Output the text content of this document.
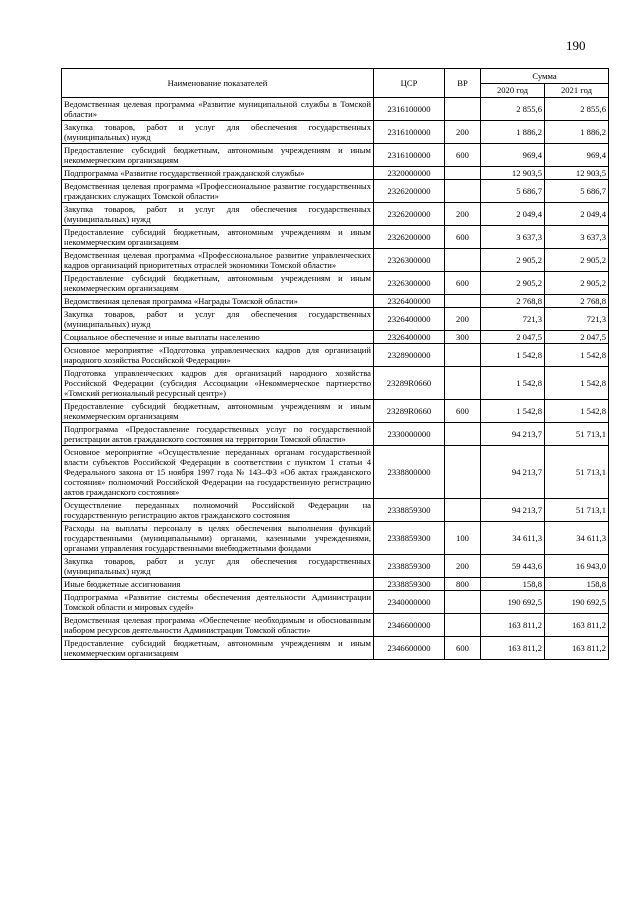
190
Наименование показателей	ЦСР	ВР	Сумма	
			2020 год	2021 год
Ведомственная целевая программа «Развитие муниципальной службы в Томской области»	2316100000		2 855,6	2 855,6
Закупка товаров, работ и услуг для обеспечения государственных (муниципальных) нужд	2316100000	200	1 886,2	1 886,2
Предоставление субсидий бюджетным, автономным учреждениям и иным некоммерческим организациям	2316100000	600	969,4	969,4
Подпрограмма «Развитие государственной гражданской службы»	2320000000		12 903,5	12 903,5
Ведомственная целевая программа «Профессиональное развитие государственных гражданских служащих Томской области»	2326200000		5 686,7	5 686,7
Закупка товаров, работ и услуг для обеспечения государственных (муниципальных) нужд	2326200000	200	2 049,4	2 049,4
Предоставление субсидий бюджетным, автономным учреждениям и иным некоммерческим организациям	2326200000	600	3 637,3	3 637,3
Ведомственная целевая программа «Профессиональное развитие управленческих кадров организаций приоритетных отраслей экономики Томской области»	2326300000		2 905,2	2 905,2
Предоставление субсидий бюджетным, автономным учреждениям и иным некоммерческим организациям	2326300000	600	2 905,2	2 905,2
Ведомственная целевая программа «Награды Томской области»	2326400000		2 768,8	2 768,8
Закупка товаров, работ и услуг для обеспечения государственных (муниципальных) нужд	2326400000	200	721,3	721,3
Социальное обеспечение и иные выплаты населению	2326400000	300	2 047,5	2 047,5
Основное мероприятие «Подготовка управленческих кадров для организаций народного хозяйства Российской Федерации»	2328900000		1 542,8	1 542,8
Подготовка управленческих кадров для организаций народного хозяйства Российской Федерации (субсидия Ассоциации «Некоммерческое партнерство «Томский региональный ресурсный центр»)	23289R0660		1 542,8	1 542,8
Предоставление субсидий бюджетным, автономным учреждениям и иным некоммерческим организациям	23289R0660	600	1 542,8	1 542,8
Подпрограмма «Предоставление государственных услуг по государственной регистрации актов гражданского состояния на территории Томской области»	2330000000		94 213,7	51 713,1
Основное мероприятие «Осуществление переданных органам государственной власти субъектов Российской Федерации в соответствии с пунктом 1 статьи 4 Федерального закона от 15 ноября 1997 года № 143–ФЗ «Об актах гражданского состояния» полномочий Российской Федерации на государственную регистрацию актов гражданского состояния»	2338800000		94 213,7	51 713,1
Осуществление переданных полномочий Российской Федерации на государственную регистрацию актов гражданского состояния	2338859300		94 213,7	51 713,1
Расходы на выплаты персоналу в целях обеспечения выполнения функций государственными (муниципальными) органами, казенными учреждениями, органами управления государственными внебюджетными фондами	2338859300	100	34 611,3	34 611,3
Закупка товаров, работ и услуг для обеспечения государственных (муниципальных) нужд	2338859300	200	59 443,6	16 943,0
Иные бюджетные ассигнования	2338859300	800	158,8	158,8
Подпрограмма «Развитие системы обеспечения деятельности Администрации Томской области и мировых судей»	2340000000		190 692,5	190 692,5
Ведомственная целевая программа «Обеспечение необходимым и обоснованным набором ресурсов деятельности Администрации Томской области»	2346600000		163 811,2	163 811,2
Предоставление субсидий бюджетным, автономным учреждениям и иным некоммерческим организациям	2346600000	600	163 811,2	163 811,2
